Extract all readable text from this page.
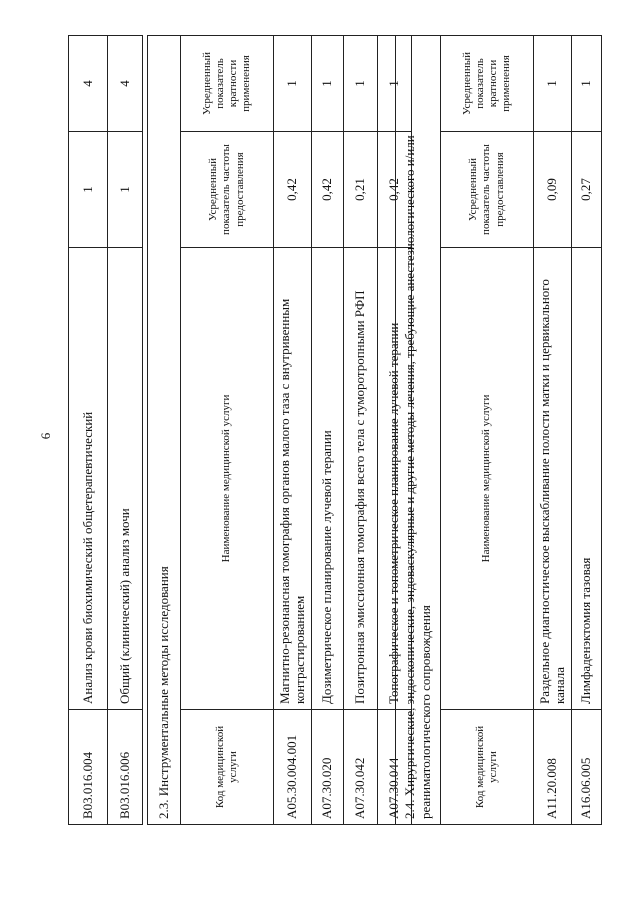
6
B03.016.004	Анализ крови биохимический общетерапевтический	1	4
B03.016.006	Общий (клинический) анализ мочи	1	4
2.3. Инструментальные методы исследования			
Код медицинской услуги	Наименование медицинской услуги	Усредненный показатель частоты предоставления	Усредненный показатель кратности применения
A05.30.004.001	Магнитно-резонансная томография органов малого таза с внутривенным контрастированием	0,42	1
A07.30.020	Дозиметрическое планирование лучевой терапии	0,42	1
A07.30.042	Позитронная эмиссионная томография всего тела с туморотропными РФП	0,21	1
A07.30.044	Топографическое и топометрическое планирование лучевой терапии	0,42	1
2.4. Хирургические, эндоскопические, эндоваскулярные и другие методы лечения, требующие анестезиологического и/или реаниматологического сопровождения			
Код медицинской услуги	Наименование медицинской услуги	Усредненный показатель частоты предоставления	Усредненный показатель кратности применения
A11.20.008	Раздельное диагностическое выскабливание полости матки и цервикального канала	0,09	1
A16.06.005	Лимфаденэктомия тазовая	0,27	1
